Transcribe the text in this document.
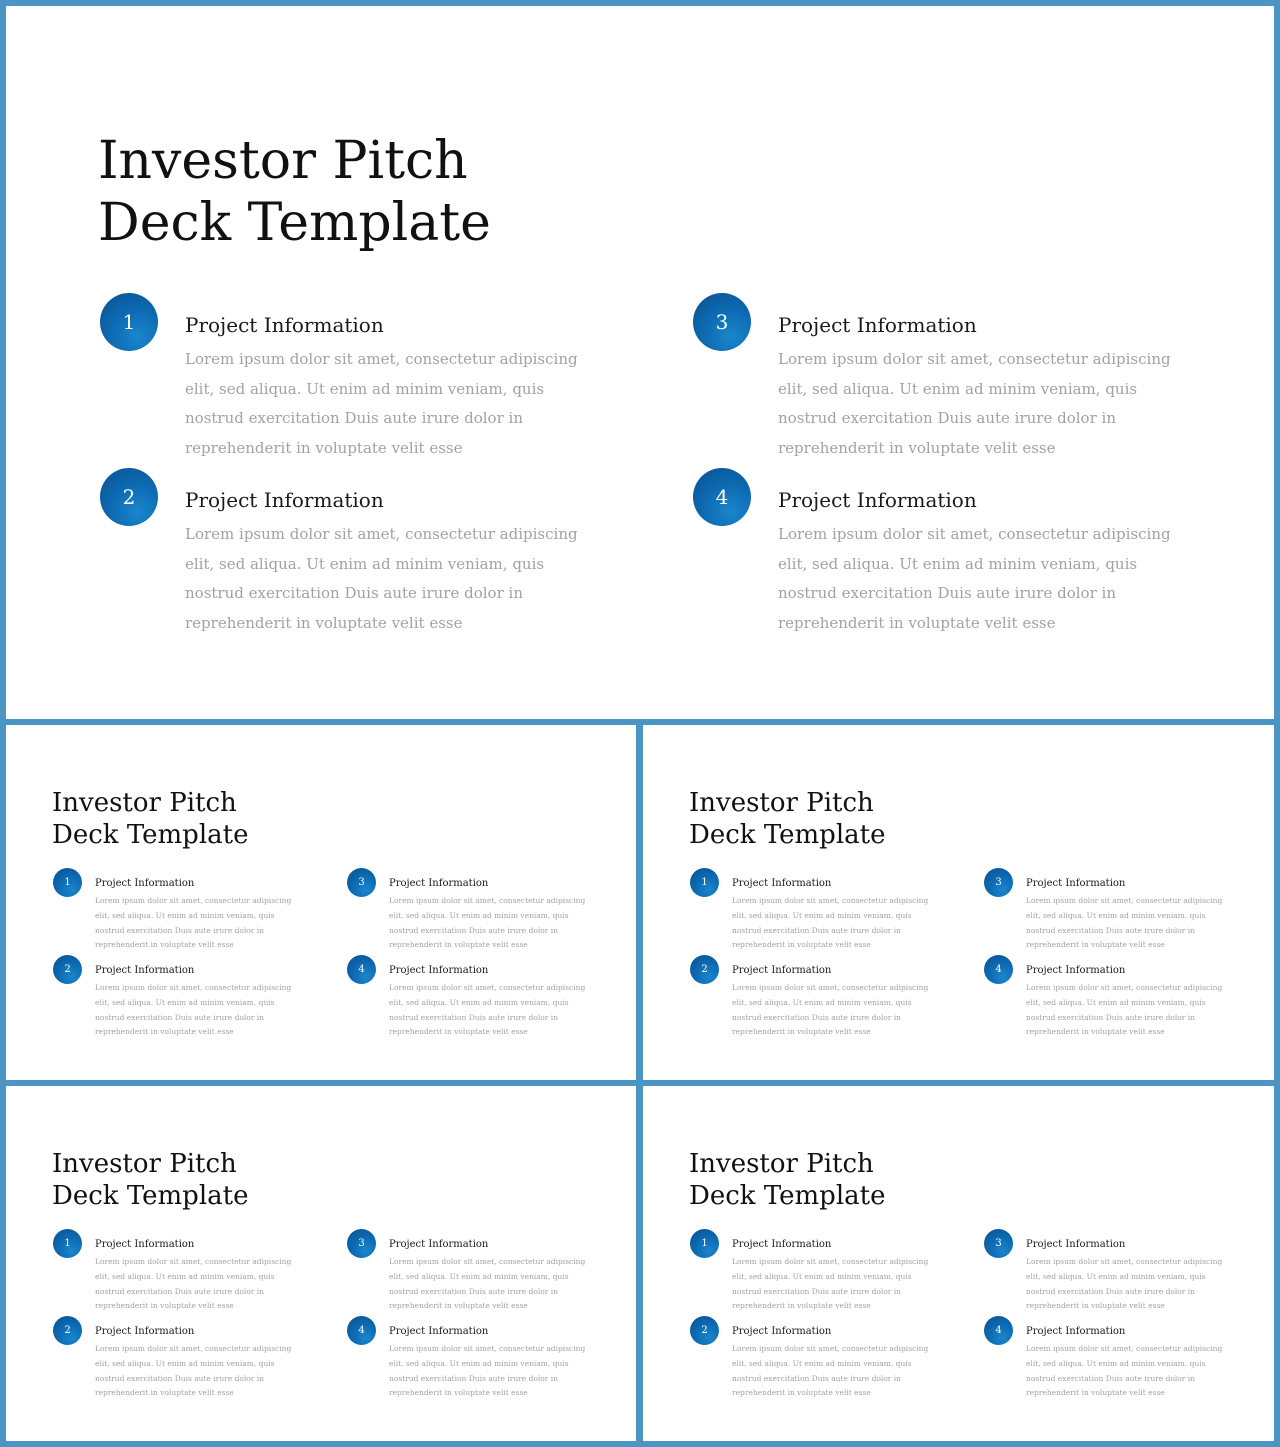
Investor Pitch
Deck Template
1	Project Information

Lorem ipsum dolor sit amet, consectetur adipiscing elit, sed aliqua. Ut enim ad minim veniam, quis nostrud exercitation Duis aute irure dolor in reprehenderit in voluptate velit esse

2	Project Information

Lorem ipsum dolor sit amet, consectetur adipiscing elit, sed aliqua. Ut enim ad minim veniam, quis nostrud exercitation Duis aute irure dolor in reprehenderit in voluptate velit esse

3	Project Information

Lorem ipsum dolor sit amet, consectetur adipiscing elit, sed aliqua. Ut enim ad minim veniam, quis nostrud exercitation Duis aute irure dolor in reprehenderit in voluptate velit esse

4	Project Information

Lorem ipsum dolor sit amet, consectetur adipiscing elit, sed aliqua. Ut enim ad minim veniam, quis nostrud exercitation Duis aute irure dolor in reprehenderit in voluptate velit esse

Investor Pitch
Deck Template
1	Project Information

Lorem ipsum dolor sit amet, consectetur adipiscing elit, sed aliqua. Ut enim ad minim veniam, quis nostrud exercitation Duis aute irure dolor in reprehenderit in voluptate velit esse

2	Project Information

Lorem ipsum dolor sit amet, consectetur adipiscing elit, sed aliqua. Ut enim ad minim veniam, quis nostrud exercitation Duis aute irure dolor in reprehenderit in voluptate velit esse

3	Project Information

Lorem ipsum dolor sit amet, consectetur adipiscing elit, sed aliqua. Ut enim ad minim veniam, quis nostrud exercitation Duis aute irure dolor in reprehenderit in voluptate velit esse

4	Project Information

Lorem ipsum dolor sit amet, consectetur adipiscing elit, sed aliqua. Ut enim ad minim veniam, quis nostrud exercitation Duis aute irure dolor in reprehenderit in voluptate velit esse

Investor Pitch
Deck Template
1	Project Information

Lorem ipsum dolor sit amet, consectetur adipiscing elit, sed aliqua. Ut enim ad minim veniam, quis nostrud exercitation Duis aute irure dolor in reprehenderit in voluptate velit esse

2	Project Information

Lorem ipsum dolor sit amet, consectetur adipiscing elit, sed aliqua. Ut enim ad minim veniam, quis nostrud exercitation Duis aute irure dolor in reprehenderit in voluptate velit esse

3	Project Information

Lorem ipsum dolor sit amet, consectetur adipiscing elit, sed aliqua. Ut enim ad minim veniam, quis nostrud exercitation Duis aute irure dolor in reprehenderit in voluptate velit esse

4	Project Information

Lorem ipsum dolor sit amet, consectetur adipiscing elit, sed aliqua. Ut enim ad minim veniam, quis nostrud exercitation Duis aute irure dolor in reprehenderit in voluptate velit esse

Investor Pitch
Deck Template
1	Project Information

Lorem ipsum dolor sit amet, consectetur adipiscing elit, sed aliqua. Ut enim ad minim veniam, quis nostrud exercitation Duis aute irure dolor in reprehenderit in voluptate velit esse

2	Project Information

Lorem ipsum dolor sit amet, consectetur adipiscing elit, sed aliqua. Ut enim ad minim veniam, quis nostrud exercitation Duis aute irure dolor in reprehenderit in voluptate velit esse

3	Project Information

Lorem ipsum dolor sit amet, consectetur adipiscing elit, sed aliqua. Ut enim ad minim veniam, quis nostrud exercitation Duis aute irure dolor in reprehenderit in voluptate velit esse

4	Project Information

Lorem ipsum dolor sit amet, consectetur adipiscing elit, sed aliqua. Ut enim ad minim veniam, quis nostrud exercitation Duis aute irure dolor in reprehenderit in voluptate velit esse

Investor Pitch
Deck Template
1	Project Information

Lorem ipsum dolor sit amet, consectetur adipiscing elit, sed aliqua. Ut enim ad minim veniam, quis nostrud exercitation Duis aute irure dolor in reprehenderit in voluptate velit esse

2	Project Information

Lorem ipsum dolor sit amet, consectetur adipiscing elit, sed aliqua. Ut enim ad minim veniam, quis nostrud exercitation Duis aute irure dolor in reprehenderit in voluptate velit esse

3	Project Information

Lorem ipsum dolor sit amet, consectetur adipiscing elit, sed aliqua. Ut enim ad minim veniam, quis nostrud exercitation Duis aute irure dolor in reprehenderit in voluptate velit esse

4	Project Information

Lorem ipsum dolor sit amet, consectetur adipiscing elit, sed aliqua. Ut enim ad minim veniam, quis nostrud exercitation Duis aute irure dolor in reprehenderit in voluptate velit esse
